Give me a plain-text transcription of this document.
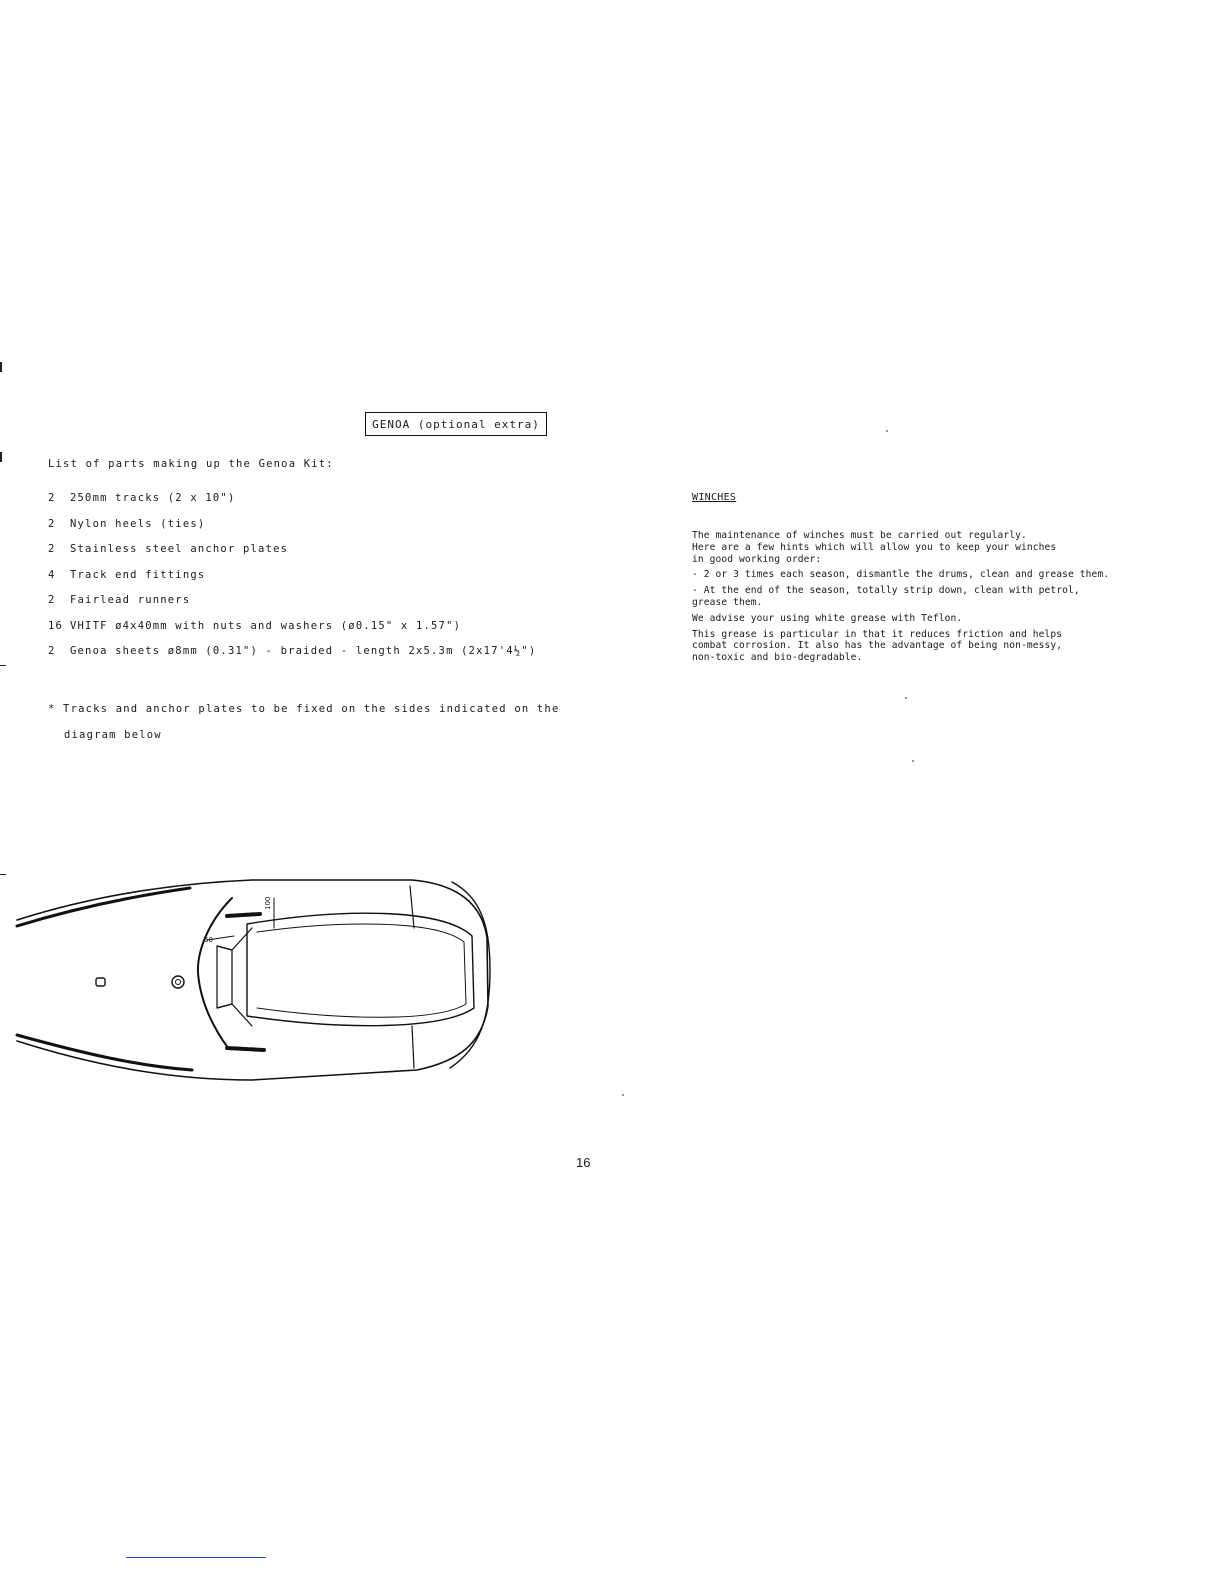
GENOA (optional extra)
List of parts making up the Genoa Kit:
2	250mm tracks (2 x 10")
2	Nylon heels (ties)
2	Stainless steel anchor plates
4	Track end fittings
2	Fairlead runners
16 VHITF ø4x40mm with nuts and washers (ø0.15" x 1.57")
2	Genoa sheets ø8mm (0.31") - braided - length 2x5.3m (2x17'4½")
* Tracks and anchor plates to be fixed on the sides indicated on the
diagram below
WINCHES

The maintenance of winches must be carried out regularly.
Here are a few hints which will allow you to keep your winches
in good working order:

- 2 or 3 times each season, dismantle the drums, clean and grease them.

- At the end of the season, totally strip down, clean with petrol,
grease them.

We advise your using white grease with Teflon.

This grease is particular in that it reduces friction and helps
combat corrosion. It also has the advantage of being non-messy,
non-toxic and bio-degradable.

100
60
16
